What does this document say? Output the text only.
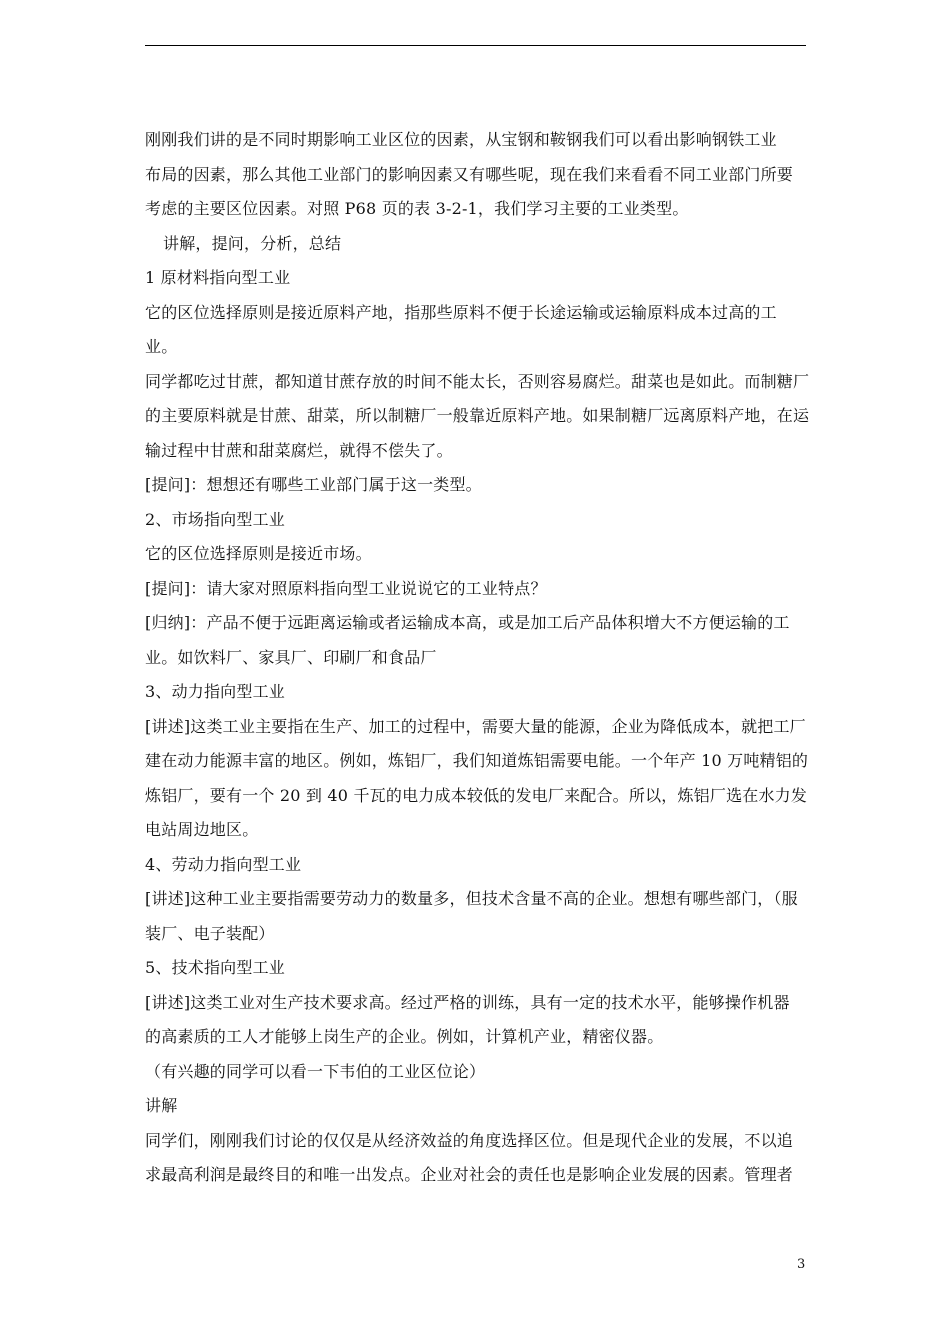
刚刚我们讲的是不同时期影响工业区位的因素，从宝钢和鞍钢我们可以看出影响钢铁工业
布局的因素，那么其他工业部门的影响因素又有哪些呢，现在我们来看看不同工业部门所要
考虑的主要区位因素。对照 P68 页的表 3-2-1，我们学习主要的工业类型。
讲解，提问，分析，总结
1 原材料指向型工业
它的区位选择原则是接近原料产地，指那些原料不便于长途运输或运输原料成本过高的工
业。
同学都吃过甘蔗，都知道甘蔗存放的时间不能太长，否则容易腐烂。甜菜也是如此。而制糖厂
的主要原料就是甘蔗、甜菜，所以制糖厂一般靠近原料产地。如果制糖厂远离原料产地，在运
输过程中甘蔗和甜菜腐烂，就得不偿失了。
[提问]：想想还有哪些工业部门属于这一类型。
2、市场指向型工业
它的区位选择原则是接近市场。
[提问]：请大家对照原料指向型工业说说它的工业特点？
[归纳]：产品不便于远距离运输或者运输成本高，或是加工后产品体积增大不方便运输的工
业。如饮料厂、家具厂、印刷厂和食品厂
3、动力指向型工业
[讲述]这类工业主要指在生产、加工的过程中，需要大量的能源，企业为降低成本，就把工厂
建在动力能源丰富的地区。例如，炼铝厂，我们知道炼铝需要电能。一个年产 10 万吨精铝的
炼铝厂，要有一个 20 到 40 千瓦的电力成本较低的发电厂来配合。所以，炼铝厂选在水力发
电站周边地区。
4、劳动力指向型工业
[讲述]这种工业主要指需要劳动力的数量多，但技术含量不高的企业。想想有哪些部门，（服
装厂、电子装配）
5、技术指向型工业
[讲述]这类工业对生产技术要求高。经过严格的训练，具有一定的技术水平，能够操作机器
的高素质的工人才能够上岗生产的企业。例如，计算机产业，精密仪器。
（有兴趣的同学可以看一下韦伯的工业区位论）
讲解
同学们，刚刚我们讨论的仅仅是从经济效益的角度选择区位。但是现代企业的发展，不以追
求最高利润是最终目的和唯一出发点。企业对社会的责任也是影响企业发展的因素。管理者
3
